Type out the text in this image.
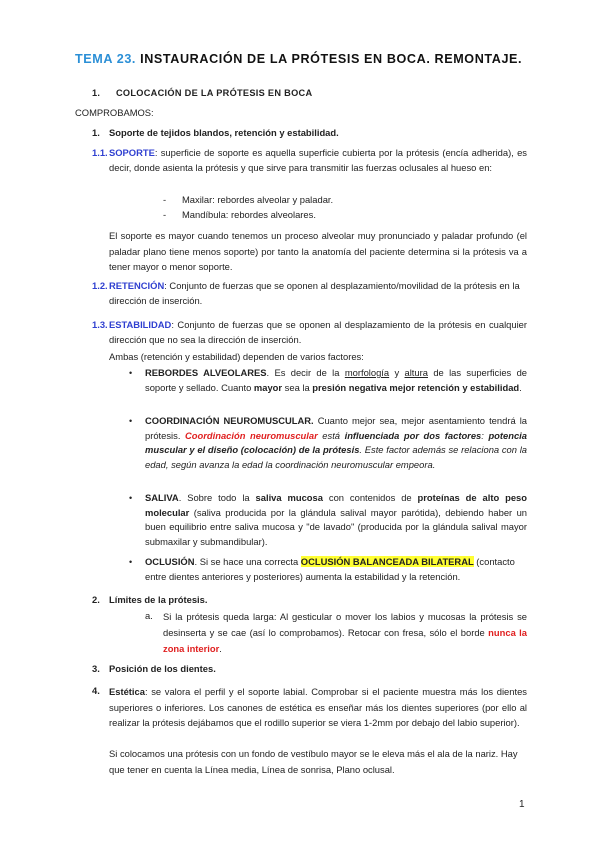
TEMA 23. INSTAURACIÓN DE LA PRÓTESIS EN BOCA. REMONTAJE.
1. COLOCACIÓN DE LA PRÓTESIS EN BOCA
COMPROBAMOS:
1. Soporte de tejidos blandos, retención y estabilidad.
1.1. SOPORTE: superficie de soporte es aquella superficie cubierta por la prótesis (encía adherida), es decir, donde asienta la prótesis y que sirve para transmitir las fuerzas oclusales al hueso en:
- Maxilar: rebordes alveolar y paladar.
- Mandíbula: rebordes alveolares.
El soporte es mayor cuando tenemos un proceso alveolar muy pronunciado y paladar profundo (el paladar plano tiene menos soporte) por tanto la anatomía del paciente determina si la prótesis va a tener mayor o menor soporte.
1.2. RETENCIÓN: Conjunto de fuerzas que se oponen al desplazamiento/movilidad de la prótesis en la dirección de inserción.
1.3. ESTABILIDAD: Conjunto de fuerzas que se oponen al desplazamiento de la prótesis en cualquier dirección que no sea la dirección de inserción.
Ambas (retención y estabilidad) dependen de varios factores:
• REBORDES ALVEOLARES. Es decir de la morfología y altura de las superficies de soporte y sellado. Cuanto mayor sea la presión negativa mejor retención y estabilidad.
• COORDINACIÓN NEUROMUSCULAR. Cuanto mejor sea, mejor asentamiento tendrá la prótesis. Coordinación neuromuscular está influenciada por dos factores: potencia muscular y el diseño (colocación) de la prótesis. Este factor además se relaciona con la edad, según avanza la edad la coordinación neuromuscular empeora.
• SALIVA. Sobre todo la saliva mucosa con contenidos de proteínas de alto peso molecular (saliva producida por la glándula salival mayor parótida), debiendo haber un buen equilibrio entre saliva mucosa y "de lavado" (producida por la glándula salival mayor submaxilar y submandibular).
• OCLUSIÓN. Si se hace una correcta OCLUSIÓN BALANCEADA BILATERAL (contacto entre dientes anteriores y posteriores) aumenta la estabilidad y la retención.
2. Límites de la prótesis.
a. Si la prótesis queda larga: Al gesticular o mover los labios y mucosas la prótesis se desinserta y se cae (así lo comprobamos). Retocar con fresa, sólo el borde nunca la zona interior.
3. Posición de los dientes.
4. Estética: se valora el perfil y el soporte labial. Comprobar si el paciente muestra más los dientes superiores o inferiores. Los canones de estética es enseñar más los dientes superiores (por ello al realizar la prótesis dejábamos que el rodillo superior se viera 1-2mm por debajo del labio superior).
Si colocamos una prótesis con un fondo de vestíbulo mayor se le eleva más el ala de la nariz. Hay que tener en cuenta la Línea media, Línea de sonrisa, Plano oclusal.
1
